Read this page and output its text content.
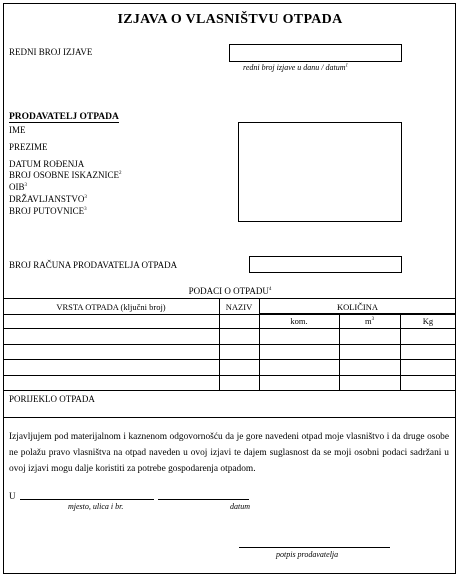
IZJAVA O VLASNIŠTVU OTPADA
REDNI BROJ IZJAVE
redni broj izjave u danu / datum$^1$
PRODAVATELJ OTPADA
IME
PREZIME
DATUM ROĐENJA
BROJ OSOBNE ISKAZNICE$^2$
OIB$^3$
DRŽAVLJANSTVO$^3$
BROJ PUTOVNICE$^3$
BROJ RAČUNA PRODAVATELJA OTPADA
PODACI O OTPADU$^4$
VRSTA OTPADA (ključni broj)	NAZIV	KOLIČINA
kom.	$m^3$	Kg
PORIJEKLO OTPADA
Izjavljujem pod materijalnom i kaznenom odgovornošću da je gore navedeni otpad moje vlasništvo i da druge osobe ne polažu pravo vlasništva na otpad naveden u ovoj izjavi te dajem suglasnost da se moji osobni podaci sadržani u ovoj izjavi mogu dalje koristiti za potrebe gospodarenja otpadom.
U
mjesto, ulica i br.	datum
potpis prodavatelja
